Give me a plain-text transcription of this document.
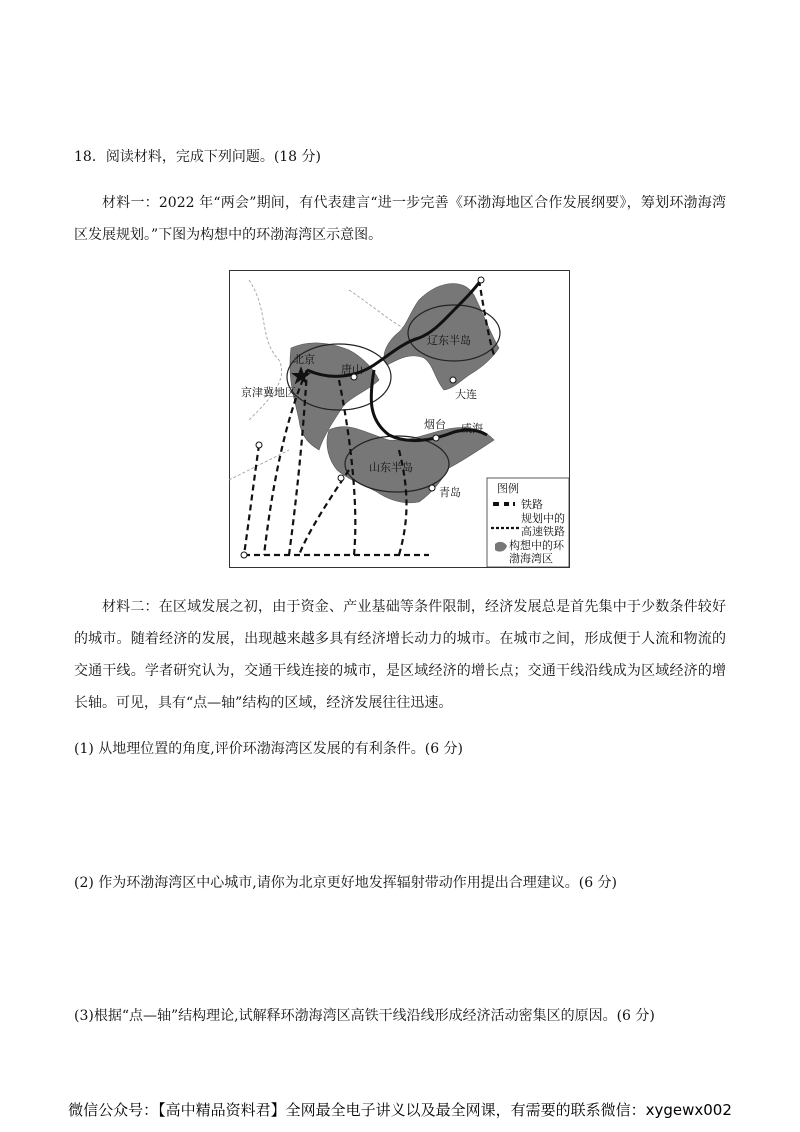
18．阅读材料，完成下列问题。(18 分)
材料一：2022 年“两会”期间，有代表建言“进一步完善《环渤海地区合作发展纲要》，筹划环渤海湾区发展规划。”下图为构想中的环渤海湾区示意图。
北京
唐山
京津冀地区
辽东半岛
大连
烟台 威海
山东半岛
青岛	图例
铁路
规划中的
高速铁路
构想中的环
渤海湾区
材料二：在区域发展之初，由于资金、产业基础等条件限制，经济发展总是首先集中于少数条件较好的城市。随着经济的发展，出现越来越多具有经济增长动力的城市。在城市之间，形成便于人流和物流的交通干线。学者研究认为，交通干线连接的城市，是区域经济的增长点；交通干线沿线成为区域经济的增长轴。可见，具有“点—轴”结构的区域，经济发展往往迅速。
(1) 从地理位置的角度,评价环渤海湾区发展的有利条件。(6 分)
(2) 作为环渤海湾区中心城市,请你为北京更好地发挥辐射带动作用提出合理建议。(6 分)
(3)根据“点—轴”结构理论,试解释环渤海湾区高铁干线沿线形成经济活动密集区的原因。(6 分)
微信公众号：【高中精品资料君】全网最全电子讲义以及最全网课，有需要的联系微信：xygewx002
